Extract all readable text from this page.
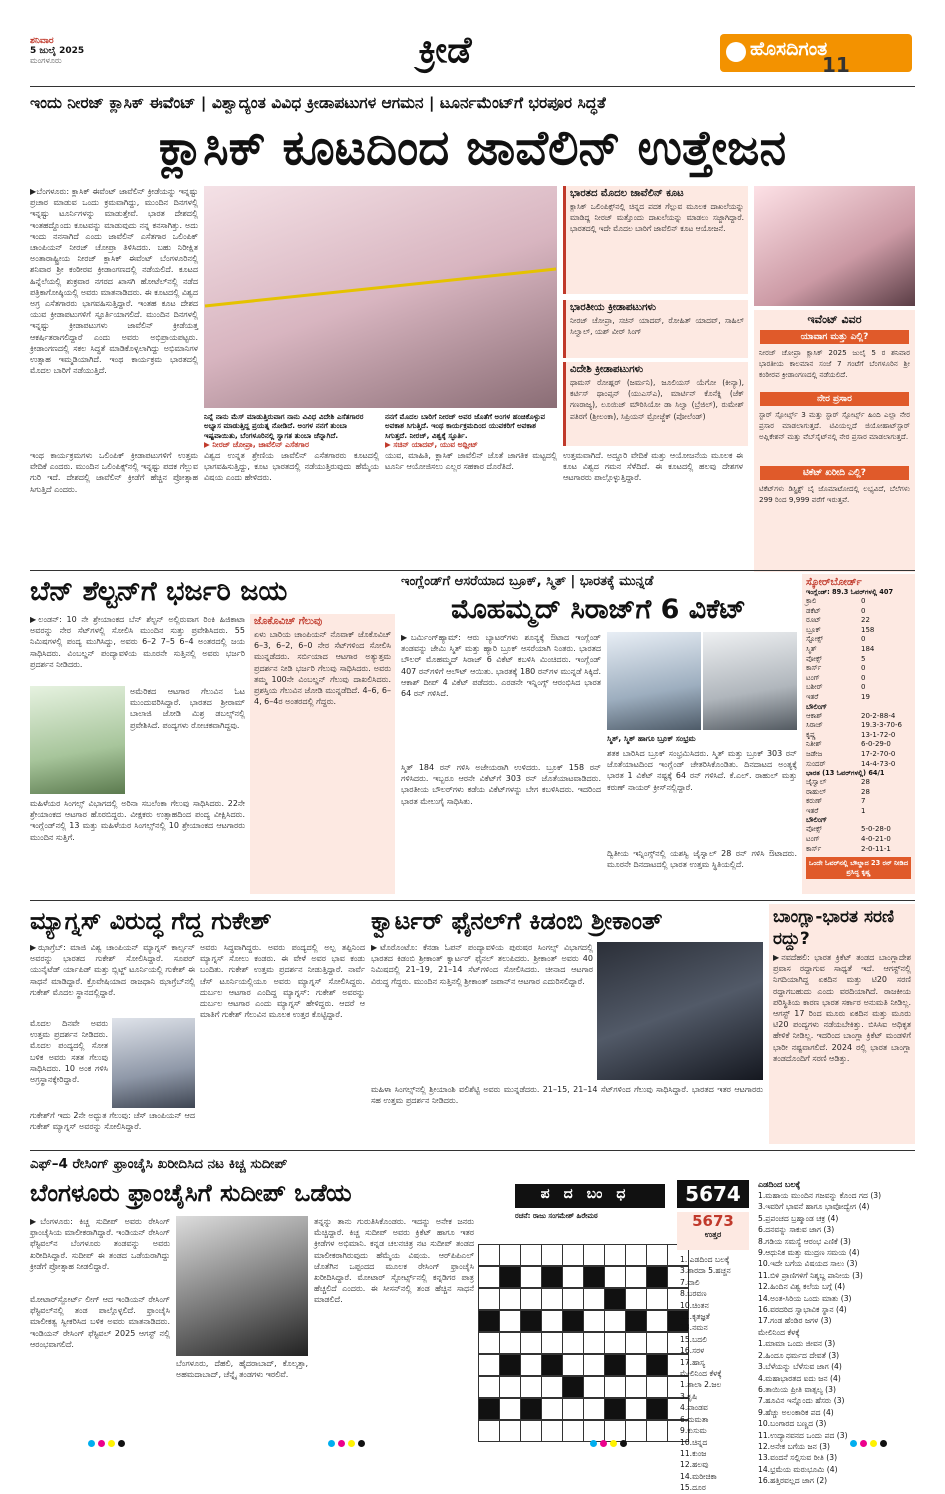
ಶನಿವಾರ
5 ಜುಲೈ 2025
ಮಂಗಳೂರು	ಕ್ರೀಡೆ	ಹೊಸದಿಗಂತ
11
ಇಂದು ನೀರಜ್ ಕ್ಲಾಸಿಕ್ ಈವೆಂಟ್ | ವಿಶ್ವಾದ್ಯಂತ ವಿವಿಧ ಕ್ರೀಡಾಪಟುಗಳ ಆಗಮನ | ಟೂರ್ನಮೆಂಟ್‌ಗೆ ಭರಪೂರ ಸಿದ್ಧತೆ
ಕ್ಲಾಸಿಕ್ ಕೂಟದಿಂದ ಜಾವೆಲಿನ್ ಉತ್ತೇಜನ
▶ಬೆಂಗಳೂರು: ಕ್ಲಾಸಿಕ್ ಈವೆಂಟ್ ಜಾವೆಲಿನ್ ಕ್ರೀಡೆಯನ್ನು ಇನ್ನಷ್ಟು ಪ್ರಚಾರ ಮಾಡುವ ಒಂದು ಕ್ರಮವಾಗಿದ್ದು, ಮುಂದಿನ ದಿನಗಳಲ್ಲಿ ಇನ್ನಷ್ಟು ಟೂರ್ನಿಗಳನ್ನು ಮಾಡುತ್ತೇವೆ. ಭಾರತ ದೇಶದಲ್ಲಿ ಇಂತಹದ್ದೊಂದು ಕೂಟವನ್ನು ಮಾಡುವುದು ನನ್ನ ಕನಸಾಗಿತ್ತು. ಅದು ಇಂದು ನನಸಾಗಿದೆ ಎಂದು ಜಾವೆಲಿನ್ ಎಸೆತಗಾರ ಒಲಿಂಪಿಕ್ ಚಾಂಪಿಯನ್ ನೀರಜ್ ಚೋಪ್ರಾ ತಿಳಿಸಿದರು. ಬಹು ನಿರೀಕ್ಷಿತ ಅಂತಾರಾಷ್ಟ್ರೀಯ ನೀರಜ್ ಕ್ಲಾಸಿಕ್ ಈವೆಂಟ್ ಬೆಂಗಳೂರಿನಲ್ಲಿ ಶನಿವಾರ ಶ್ರೀ ಕಂಠೀರವ ಕ್ರೀಡಾಂಗಣದಲ್ಲಿ ನಡೆಯಲಿದೆ. ಕೂಟದ ಹಿನ್ನೆಲೆಯಲ್ಲಿ ಶುಕ್ರವಾರ ನಗರದ ಖಾಸಗಿ ಹೋಟೆಲ್‌ನಲ್ಲಿ ನಡೆದ ಪತ್ರಿಕಾಗೋಷ್ಠಿಯಲ್ಲಿ ಅವರು ಮಾತನಾಡಿದರು. ಈ ಕೂಟದಲ್ಲಿ ವಿಶ್ವದ ಅಗ್ರ ಎಸೆತಗಾರರು ಭಾಗವಹಿಸುತ್ತಿದ್ದಾರೆ. ಇಂತಹ ಕೂಟ ದೇಶದ ಯುವ ಕ್ರೀಡಾಪಟುಗಳಿಗೆ ಸ್ಫೂರ್ತಿಯಾಗಲಿದೆ. ಮುಂದಿನ ದಿನಗಳಲ್ಲಿ ಇನ್ನಷ್ಟು ಕ್ರೀಡಾಪಟುಗಳು ಜಾವೆಲಿನ್ ಕ್ರೀಡೆಯತ್ತ ಆಕರ್ಷಿತರಾಗಲಿದ್ದಾರೆ ಎಂದು ಅವರು ಅಭಿಪ್ರಾಯಪಟ್ಟರು. ಕ್ರೀಡಾಂಗಣದಲ್ಲಿ ಸಕಲ ಸಿದ್ಧತೆ ಮಾಡಿಕೊಳ್ಳಲಾಗಿದ್ದು ಅಭಿಮಾನಿಗಳ ಉತ್ಸಾಹ ಇಮ್ಮಡಿಯಾಗಿದೆ. ಇಂಥ ಕಾರ್ಯಕ್ರಮ ಭಾರತದಲ್ಲಿ ಮೊದಲ ಬಾರಿಗೆ ನಡೆಯುತ್ತಿದೆ.
ನಿನ್ನೆ ನಾನು ಮೆಸ್ ಮಾಡುತ್ತಿರುವಾಗ ನಾನು ವಿವಿಧ ವಿದೇಶಿ ಎಸೆತಗಾರರ ಅಭ್ಯಾಸ ಮಾಡುತ್ತಿದ್ದ ಪ್ರಯತ್ನ ನೋಡಿದೆ. ಅಂಗಳ ನನಗೆ ತುಂಬಾ ಇಷ್ಟವಾಯಿತು, ಬೆಂಗಳೂರಿನಲ್ಲಿ ಸ್ವಾಗತ ತುಂಬಾ ಚೆನ್ನಾಗಿದೆ.
▶ ನೀರಜ್ ಚೋಪ್ರಾ, ಜಾವೆಲಿನ್ ಎಸೆತಗಾರ
ನನಗೆ ಮೊದಲ ಬಾರಿಗೆ ನೀರಜ್ ಅವರ ಜೊತೆಗೆ ಅಂಗಳ ಹಂಚಿಕೊಳ್ಳುವ ಅವಕಾಶ ಸಿಗುತ್ತಿದೆ. ಇಂಥ ಕಾರ್ಯಕ್ರಮದಿಂದ ಯುವಕರಿಗೆ ಅವಕಾಶ ಸಿಗುತ್ತದೆ. ನೀರಜ್, ವಿಶ್ವಕ್ಕೆ ಸ್ಫೂರ್ತಿ.
▶ ಸಚಿನ್ ಯಾದವ್, ಯುವ ಅಥ್ಲೀಟ್
ಇಂಥ ಕಾರ್ಯಕ್ರಮಗಳು ಒಲಿಂಪಿಕ್ ಕ್ರೀಡಾಪಟುಗಳಿಗೆ ಉತ್ತಮ ವೇದಿಕೆ ಎಂದರು. ಮುಂದಿನ ಒಲಿಂಪಿಕ್ಸ್‌ನಲ್ಲಿ ಇನ್ನಷ್ಟು ಪದಕ ಗೆಲ್ಲುವ ಗುರಿ ಇದೆ. ದೇಶದಲ್ಲಿ ಜಾವೆಲಿನ್ ಕ್ರೀಡೆಗೆ ಹೆಚ್ಚಿನ ಪ್ರೋತ್ಸಾಹ ಸಿಗುತ್ತಿದೆ ಎಂದರು.
ವಿಶ್ವದ ಉನ್ನತ ಶ್ರೇಣಿಯ ಜಾವೆಲಿನ್ ಎಸೆತಗಾರರು ಕೂಟದಲ್ಲಿ ಭಾಗವಹಿಸುತ್ತಿದ್ದು, ಕೂಟ ಭಾರತದಲ್ಲಿ ನಡೆಯುತ್ತಿರುವುದು ಹೆಮ್ಮೆಯ ವಿಷಯ ಎಂದು ಹೇಳಿದರು.
ಯುವ, ಮಾಹಿತಿ, ಕ್ಲಾಸಿಕ್ ಜಾವೆಲಿನ್ ಜೊತೆ ಜಾಗತಿಕ ಮಟ್ಟದಲ್ಲಿ ಟೂರ್ನಿ ಆಯೋಜಿಸಲು ಎಲ್ಲರ ಸಹಕಾರ ದೊರೆತಿದೆ.
ಉತ್ತಮವಾಗಿದೆ. ಅದ್ದೂರಿ ವೇದಿಕೆ ಮತ್ತು ಆಯೋಜನೆಯ ಮೂಲಕ ಈ ಕೂಟ ವಿಶ್ವದ ಗಮನ ಸೆಳೆದಿದೆ. ಈ ಕೂಟದಲ್ಲಿ ಹಲವು ದೇಶಗಳ ಆಟಗಾರರು ಪಾಲ್ಗೊಳ್ಳುತ್ತಿದ್ದಾರೆ.
ಭಾರತದ ಮೊದಲ ಜಾವೆಲಿನ್ ಕೂಟ
ಕ್ಲಾಸಿಕ್ ಒಲಿಂಪಿಕ್ಸ್‌ನಲ್ಲಿ ಚಿನ್ನದ ಪದಕ ಗೆಲ್ಲುವ ಮೂಲಕ ದಾಖಲೆಯನ್ನು ಮಾಡಿದ್ದ ನೀರಜ್ ಮತ್ತೊಂದು ದಾಖಲೆಯನ್ನು ಮಾಡಲು ಸಜ್ಜಾಗಿದ್ದಾರೆ. ಭಾರತದಲ್ಲಿ ಇದೇ ಮೊದಲ ಬಾರಿಗೆ ಜಾವೆಲಿನ್ ಕೂಟ ಆಯೋಜನೆ.
ಭಾರತೀಯ ಕ್ರೀಡಾಪಟುಗಳು
ನೀರಜ್ ಚೋಪ್ರಾ, ಸಚಿನ್ ಯಾದವ್, ರೋಹಿತ್ ಯಾದವ್, ಸಾಹಿಲ್ ಸಿಲ್ವಾಲ್, ಯಶ್ ವೀರ್ ಸಿಂಗ್
ವಿದೇಶಿ ಕ್ರೀಡಾಪಟುಗಳು
ಥಾಮಸ್ ರೋಹ್ಲರ್ (ಜರ್ಮನಿ), ಜೂಲಿಯಸ್ ಯೆಗೋ (ಕೀನ್ಯಾ), ಕರ್ಟಿಸ್ ಥಾಂಪ್ಸನ್ (ಯುಎಸ್‌ಎ), ಮಾರ್ಟಿನ್ ಕೊನೆಕ್ನಿ (ಜೆಕ್ ಗಣರಾಜ್ಯ), ಲೂಯಿಜ್ ಮೌರಿಸಿಯೋ ಡಾ ಸಿಲ್ವಾ (ಬ್ರೆಜಿಲ್), ರುಮೇಶ್ ಪತಿರಗೆ (ಶ್ರೀಲಂಕಾ), ಸಿಪ್ರಿಯನ್ ಮ್ರೋಜ್ಜೆಕ್ (ಪೋಲೆಂಡ್)
ಇವೆಂಟ್ ವಿವರ
ಯಾವಾಗ ಮತ್ತು ಎಲ್ಲಿ?
ನೀರಜ್ ಚೋಪ್ರಾ ಕ್ಲಾಸಿಕ್ 2025 ಜುಲೈ 5 ರ ಶನಿವಾರ ಭಾರತೀಯ ಕಾಲಮಾನ ಸಂಜೆ 7 ಗಂಟೆಗೆ ಬೆಂಗಳೂರಿನ ಶ್ರೀ ಕಂಠೀರವ ಕ್ರೀಡಾಂಗಣದಲ್ಲಿ ನಡೆಯಲಿದೆ.
ನೇರ ಪ್ರಸಾರ
ಸ್ಟಾರ್ ಸ್ಪೋರ್ಟ್ಸ್ 3 ಮತ್ತು ಸ್ಟಾರ್ ಸ್ಪೋರ್ಟ್ಸ್ ಹಿಂದಿ ಎಲ್ಲಾ ನೇರ ಪ್ರಸಾರ ಮಾಡಲಾಗುತ್ತದೆ. ಟಿವಿಯಲ್ಲದೆ ಜಿಯೋಹಾಟ್‌ಸ್ಟಾರ್ ಅಪ್ಲಿಕೇಶನ್ ಮತ್ತು ವೆಬ್‌ಸೈಟ್‌ನಲ್ಲಿ ನೇರ ಪ್ರಸಾರ ಮಾಡಲಾಗುತ್ತದೆ.
ಟಿಕೆಟ್ ಖರೀದಿ ಎಲ್ಲಿ?
ಟಿಕೆಟ್‌ಗಳು ಡಿಸ್ಟ್ರಿಕ್ಟ್ ಬೈ ಜೊಮಾಟೋದಲ್ಲಿ ಲಭ್ಯವಿದೆ, ಬೆಲೆಗಳು 299 ರಿಂದ 9,999 ವರೆಗೆ ಇರುತ್ತವೆ.
ಬೆನ್ ಶೆಲ್ಟನ್‌ಗೆ ಭರ್ಜರಿ ಜಯ
▶ಲಂಡನ್: 10 ನೇ ಶ್ರೇಯಾಂಕದ ಬೆನ್ ಶೆಲ್ಟನ್ ಅಲ್ಲಿರುವಾಗ ರಿಂಕಿ ಹಿಜಿಕಾಟಾ ಅವರನ್ನು ನೇರ ಸೆಟ್‌ಗಳಲ್ಲಿ ಸೋಲಿಸಿ ಮುಂದಿನ ಸುತ್ತು ಪ್ರವೇಶಿಸಿದರು. 55 ನಿಮಿಷಗಳಲ್ಲಿ ಪಂದ್ಯ ಮುಗಿಸಿದ್ದು, ಅವರು 6–2 7–5 6–4 ಅಂತರದಲ್ಲಿ ಜಯ ಸಾಧಿಸಿದರು. ವಿಂಬಲ್ಡನ್ ಪಂದ್ಯಾವಳಿಯ ಮೂರನೇ ಸುತ್ತಿನಲ್ಲಿ ಅವರು ಭರ್ಜರಿ ಪ್ರದರ್ಶನ ನೀಡಿದರು.
ಅಮೆರಿಕದ ಆಟಗಾರ ಗೆಲುವಿನ ಓಟ ಮುಂದುವರಿಸಿದ್ದಾರೆ. ಭಾರತದ ಶ್ರೀರಾಮ್ ಬಾಲಾಜಿ ಜೋಡಿ ಮಿಶ್ರ ಡಬಲ್ಸ್‌ನಲ್ಲಿ ಪ್ರವೇಶಿಸಿದೆ. ಪಂದ್ಯಗಳು ರೋಚಕವಾಗಿದ್ದವು.
ಮಹಿಳೆಯರ ಸಿಂಗಲ್ಸ್ ವಿಭಾಗದಲ್ಲಿ ಅರಿನಾ ಸಬಲೆಂಕಾ ಗೆಲುವು ಸಾಧಿಸಿದರು. 22ನೇ ಶ್ರೇಯಾಂಕದ ಆಟಗಾರ ಹೊರಬಿದ್ದರು. ವೀಕ್ಷಕರು ಉತ್ಸಾಹದಿಂದ ಪಂದ್ಯ ವೀಕ್ಷಿಸಿದರು. ಇಂಗ್ಲೆಂಡ್‌ನಲ್ಲಿ 13 ಮತ್ತು ಮಹಿಳೆಯರ ಸಿಂಗಲ್ಸ್‌ನಲ್ಲಿ 10 ಶ್ರೇಯಾಂಕದ ಆಟಗಾರರು ಮುಂದಿನ ಸುತ್ತಿಗೆ.
ಜೊಕೊವಿಚ್ ಗೆಲುವು
ಏಳು ಬಾರಿಯ ಚಾಂಪಿಯನ್ ನೊವಾಕ್ ಜೊಕೊವಿಚ್ 6–3, 6–2, 6–0 ನೇರ ಸೆಟ್‌ಗಳಿಂದ ಸೋಲಿಸಿ ಮುನ್ನಡೆದರು. ಸರ್ಬಿಯಾದ ಆಟಗಾರ ಅತ್ಯುತ್ತಮ ಪ್ರದರ್ಶನ ನೀಡಿ ಭರ್ಜರಿ ಗೆಲುವು ಸಾಧಿಸಿದರು. ಅವರು ತಮ್ಮ 100ನೇ ವಿಂಬಲ್ಡನ್ ಗೆಲುವು ದಾಖಲಿಸಿದರು. ಪ್ರಶಸ್ತಿಯ ಗೆಲುವಿನ ಜೋಡಿ ಮುನ್ನಡೆದಿದೆ. 4–6, 6–4, 6–4ರ ಅಂತರದಲ್ಲಿ ಗೆದ್ದರು.
ಇಂಗ್ಲೆಂಡ್‌ಗೆ ಆಸರೆಯಾದ ಬ್ರೂಕ್, ಸ್ಮಿತ್ | ಭಾರತಕ್ಕೆ ಮುನ್ನಡೆ
ಮೊಹಮ್ಮದ್ ಸಿರಾಜ್‌ಗೆ 6 ವಿಕೆಟ್
▶ಬರ್ಮಿಂಗ್‌ಹ್ಯಾಮ್: ಆರು ಬ್ಯಾಟರ್‌ಗಳು ಶೂನ್ಯಕ್ಕೆ ಔಟಾದ ಇಂಗ್ಲೆಂಡ್ ತಂಡವನ್ನು ಜೇಮಿ ಸ್ಮಿತ್ ಮತ್ತು ಹ್ಯಾರಿ ಬ್ರೂಕ್ ಆಸರೆಯಾಗಿ ನಿಂತರು. ಭಾರತದ ಬೌಲರ್ ಮೊಹಮ್ಮದ್ ಸಿರಾಜ್ 6 ವಿಕೆಟ್ ಕಬಳಿಸಿ ಮಿಂಚಿದರು. ಇಂಗ್ಲೆಂಡ್ 407 ರನ್‌ಗಳಿಗೆ ಆಲೌಟ್ ಆಯಿತು. ಭಾರತಕ್ಕೆ 180 ರನ್‌ಗಳ ಮುನ್ನಡೆ ಸಿಕ್ಕಿದೆ. ಆಕಾಶ್ ದೀಪ್ 4 ವಿಕೆಟ್ ಪಡೆದರು. ಎರಡನೇ ಇನ್ನಿಂಗ್ಸ್ ಆರಂಭಿಸಿದ ಭಾರತ 64 ರನ್ ಗಳಿಸಿದೆ.
ಸ್ಮಿತ್, ಸ್ಮಿತ್ ಹಾಗೂ ಬ್ರೂಕ್ ಸಂಭ್ರಮ
ಸ್ಮಿತ್ 184 ರನ್ ಗಳಿಸಿ ಅಜೇಯರಾಗಿ ಉಳಿದರು. ಬ್ರೂಕ್ 158 ರನ್ ಗಳಿಸಿದರು. ಇಬ್ಬರೂ ಆರನೇ ವಿಕೆಟ್‌ಗೆ 303 ರನ್ ಜೊತೆಯಾಟವಾಡಿದರು. ಭಾರತೀಯ ಬೌಲರ್‌ಗಳು ಕಡೆಯ ವಿಕೆಟ್‌ಗಳನ್ನು ಬೇಗ ಕಬಳಿಸಿದರು. ಇದರಿಂದ ಭಾರತ ಮೇಲುಗೈ ಸಾಧಿಸಿತು.
ಶತಕ ಬಾರಿಸಿದ ಬ್ರೂಕ್ ಸಂಭ್ರಮಿಸಿದರು. ಸ್ಮಿತ್ ಮತ್ತು ಬ್ರೂಕ್ 303 ರನ್ ಜೊತೆಯಾಟದಿಂದ ಇಂಗ್ಲೆಂಡ್ ಚೇತರಿಸಿಕೊಂಡಿತು. ದಿನದಾಟದ ಅಂತ್ಯಕ್ಕೆ ಭಾರತ 1 ವಿಕೆಟ್ ನಷ್ಟಕ್ಕೆ 64 ರನ್ ಗಳಿಸಿದೆ. ಕೆ.ಎಲ್. ರಾಹುಲ್ ಮತ್ತು ಕರುಣ್ ನಾಯರ್ ಕ್ರೀಸ್‌ನಲ್ಲಿದ್ದಾರೆ.
ದ್ವಿತೀಯ ಇನ್ನಿಂಗ್ಸ್‌ನಲ್ಲಿ ಯಶಸ್ವಿ ಜೈಸ್ವಾಲ್ 28 ರನ್ ಗಳಿಸಿ ಔಟಾದರು. ಮೂರನೇ ದಿನದಾಟದಲ್ಲಿ ಭಾರತ ಉತ್ತಮ ಸ್ಥಿತಿಯಲ್ಲಿದೆ.
ಸ್ಕೋರ್‌ಬೋರ್ಡ್
ಇಂಗ್ಲೆಂಡ್: 89.3 ಓವರ್‌ಗಳಲ್ಲಿ 407
ಕ್ರಾಲಿ	0
ಡಕೆಟ್	0
ರೂಟ್	22
ಬ್ರೂಕ್	158
ಸ್ಟೋಕ್ಸ್	0
ಸ್ಮಿತ್	184
ವೋಕ್ಸ್	5
ಕಾರ್ಸ್	0
ಟಂಗ್	0
ಬಶೀರ್	0
ಇತರೆ	19
ಬೌಲಿಂಗ್
ಆಕಾಶ್	20-2-88-4
ಸಿರಾಜ್	19.3-3-70-6
ಕೃಷ್ಣ	13-1-72-0
ನಿತೀಶ್	6-0-29-0
ಜಡೇಜ	17-2-70-0
ಸುಂದರ್	14-4-73-0
ಭಾರತ (13 ಓವರ್‌ಗಳಲ್ಲಿ) 64/1
ಜೈಸ್ವಾಲ್	28
ರಾಹುಲ್	28
ಕರುಣ್	7
ಇತರೆ	1
ಬೌಲಿಂಗ್
ವೋಕ್ಸ್	5-0-28-0
ಟಂಗ್	4-0-21-0
ಕಾರ್ಸ್	2-0-11-1
ಒಂದೇ ಓವರ್‌ನಲ್ಲಿ ಬೌಲ್ಡಾದ 23 ರನ್ ನೀಡಿದ ಪ್ರಸಿದ್ಧ ಕೃಷ್ಣ
ಮ್ಯಾಗ್ನಸ್ ವಿರುದ್ಧ ಗೆದ್ದ ಗುಕೇಶ್
▶ಝಾಗ್ರೆಬ್: ಮಾಜಿ ವಿಶ್ವ ಚಾಂಪಿಯನ್ ಮ್ಯಾಗ್ನಸ್ ಕಾರ್ಲ್ಸನ್ ಅವರನ್ನು ಭಾರತದ ಗುಕೇಶ್ ಸೋಲಿಸಿದ್ದಾರೆ. ಸೂಪರ್ ಯುನೈಟೆಡ್ ರ್ಯಾಪಿಡ್ ಮತ್ತು ಬ್ಲಿಟ್ಜ್ ಟೂರ್ನಿಯಲ್ಲಿ ಗುಕೇಶ್ ಈ ಸಾಧನೆ ಮಾಡಿದ್ದಾರೆ. ಕ್ರೊವೇಷಿಯಾದ ರಾಜಧಾನಿ ಝಾಗ್ರೆಬ್‌ನಲ್ಲಿ ಗುಕೇಶ್ ಮೊದಲ ಸ್ಥಾನದಲ್ಲಿದ್ದಾರೆ.
ಮೊದಲ ದಿನವೇ ಅವರು ಉತ್ತಮ ಪ್ರದರ್ಶನ ನೀಡಿದರು. ಮೊದಲ ಪಂದ್ಯದಲ್ಲಿ ಸೋತ ಬಳಿಕ ಅವರು ಸತತ ಗೆಲುವು ಸಾಧಿಸಿದರು. 10 ಅಂಕ ಗಳಿಸಿ ಅಗ್ರಸ್ಥಾನಕ್ಕೇರಿದ್ದಾರೆ.
ಗುಕೇಶ್‌ಗೆ ಇದು 2ನೇ ಅದ್ಭುತ ಗೆಲುವು: ಚೆಸ್ ಚಾಂಪಿಯನ್ ಆದ ಗುಕೇಶ್ ಮ್ಯಾಗ್ನಸ್ ಅವರನ್ನು ಸೋಲಿಸಿದ್ದಾರೆ.
ಅವರು ಸಿದ್ಧವಾಗಿದ್ದರು. ಅವರು ಪಂದ್ಯದಲ್ಲಿ ಅಲ್ಪ ತಪ್ಪಿನಿಂದ ಮ್ಯಾಗ್ನಸ್ ಸೋಲು ಕಂಡರು. ಈ ವೇಳೆ ಅವರ ಭಾವ ಕಂಡು ಬಂದಿತು. ಗುಕೇಶ್ ಉತ್ತಮ ಪ್ರದರ್ಶನ ನೀಡುತ್ತಿದ್ದಾರೆ. ನಾರ್ವೆ ಚೆಸ್ ಟೂರ್ನಿಯಲ್ಲಿಯೂ ಅವರು ಮ್ಯಾಗ್ನಸ್ ಸೋಲಿಸಿದ್ದರು. ದುರ್ಬಲ ಆಟಗಾರ ಎಂದಿದ್ದ ಮ್ಯಾಗ್ನಸ್: ಗುಕೇಶ್ ಅವರನ್ನು ದುರ್ಬಲ ಆಟಗಾರ ಎಂದು ಮ್ಯಾಗ್ನಸ್ ಹೇಳಿದ್ದರು. ಆದರೆ ಆ ಮಾತಿಗೆ ಗುಕೇಶ್ ಗೆಲುವಿನ ಮೂಲಕ ಉತ್ತರ ಕೊಟ್ಟಿದ್ದಾರೆ.
ಕ್ವಾರ್ಟರ್ ಫೈನಲ್‌ಗೆ ಕಿಡಂಬಿ ಶ್ರೀಕಾಂತ್
▶ಟೊರೊಂಟೊ: ಕೆನಡಾ ಓಪನ್ ಪಂದ್ಯಾವಳಿಯ ಪುರುಷರ ಸಿಂಗಲ್ಸ್ ವಿಭಾಗದಲ್ಲಿ ಭಾರತದ ಕಿಡಂಬಿ ಶ್ರೀಕಾಂತ್ ಕ್ವಾರ್ಟರ್ ಫೈನಲ್ ತಲುಪಿದರು. ಶ್ರೀಕಾಂತ್ ಅವರು 40 ನಿಮಿಷದಲ್ಲಿ 21–19, 21–14 ಸೆಟ್‌ಗಳಿಂದ ಸೋಲಿಸಿದರು. ಚೀನಾದ ಆಟಗಾರ ವಿರುದ್ಧ ಗೆದ್ದರು. ಮುಂದಿನ ಸುತ್ತಿನಲ್ಲಿ ಶ್ರೀಕಾಂತ್ ಜಪಾನ್‌ನ ಆಟಗಾರ ಎದುರಿಸಲಿದ್ದಾರೆ.
ಮಹಿಳಾ ಸಿಂಗಲ್ಸ್‌ನಲ್ಲಿ ಶ್ರೀಯಾಂಶಿ ವಲಿಶೆಟ್ಟಿ ಅವರು ಮುನ್ನಡೆದರು. 21–15, 21–14 ಸೆಟ್‌ಗಳಿಂದ ಗೆಲುವು ಸಾಧಿಸಿದ್ದಾರೆ. ಭಾರತದ ಇತರ ಆಟಗಾರರು ಸಹ ಉತ್ತಮ ಪ್ರದರ್ಶನ ನೀಡಿದರು.
ಬಾಂಗ್ಲಾ-ಭಾರತ ಸರಣಿ ರದ್ದು?
▶ನವದೆಹಲಿ: ಭಾರತ ಕ್ರಿಕೆಟ್ ತಂಡದ ಬಾಂಗ್ಲಾದೇಶ ಪ್ರವಾಸ ರದ್ದಾಗುವ ಸಾಧ್ಯತೆ ಇದೆ. ಆಗಸ್ಟ್‌ನಲ್ಲಿ ನಿಗದಿಯಾಗಿದ್ದ ಏಕದಿನ ಮತ್ತು ಟಿ20 ಸರಣಿ ರದ್ದಾಗಬಹುದು ಎಂದು ವರದಿಯಾಗಿದೆ. ರಾಜಕೀಯ ಪರಿಸ್ಥಿತಿಯ ಕಾರಣ ಭಾರತ ಸರ್ಕಾರ ಅನುಮತಿ ನೀಡಿಲ್ಲ. ಆಗಸ್ಟ್ 17 ರಿಂದ ಮೂರು ಏಕದಿನ ಮತ್ತು ಮೂರು ಟಿ20 ಪಂದ್ಯಗಳು ನಡೆಯಬೇಕಿತ್ತು. ಬಿಸಿಸಿಐ ಅಧಿಕೃತ ಹೇಳಿಕೆ ನೀಡಿಲ್ಲ. ಇದರಿಂದ ಬಾಂಗ್ಲಾ ಕ್ರಿಕೆಟ್ ಮಂಡಳಿಗೆ ಭಾರೀ ನಷ್ಟವಾಗಲಿದೆ. 2024 ರಲ್ಲಿ ಭಾರತ ಬಾಂಗ್ಲಾ ತಂಡದೊಂದಿಗೆ ಸರಣಿ ಆಡಿತ್ತು.
ಎಫ್–4 ರೇಸಿಂಗ್ ಫ್ರಾಂಚೈಸಿ ಖರೀದಿಸಿದ ನಟ ಕಿಚ್ಚ ಸುದೀಪ್
ಬೆಂಗಳೂರು ಫ್ರಾಂಚೈಸಿಗೆ ಸುದೀಪ್ ಒಡೆಯ
▶ಬೆಂಗಳೂರು: ಕಿಚ್ಚ ಸುದೀಪ್ ಅವರು ರೇಸಿಂಗ್ ಫ್ರಾಂಚೈಸಿಯ ಮಾಲೀಕರಾಗಿದ್ದಾರೆ. ಇಂಡಿಯನ್ ರೇಸಿಂಗ್ ಫೆಸ್ಟಿವಲ್‌ನ ಬೆಂಗಳೂರು ತಂಡವನ್ನು ಅವರು ಖರೀದಿಸಿದ್ದಾರೆ. ಸುದೀಪ್ ಈ ತಂಡದ ಒಡೆಯರಾಗಿದ್ದು ಕ್ರೀಡೆಗೆ ಪ್ರೋತ್ಸಾಹ ನೀಡಲಿದ್ದಾರೆ.
ಮೋಟಾರ್‌ಸ್ಪೋರ್ಟ್ ಲೀಗ್ ಆದ ಇಂಡಿಯನ್ ರೇಸಿಂಗ್ ಫೆಸ್ಟಿವಲ್‌ನಲ್ಲಿ ತಂಡ ಪಾಲ್ಗೊಳ್ಳಲಿದೆ. ಫ್ರಾಂಚೈಸಿ ಮಾಲೀಕತ್ವ ಸ್ವೀಕರಿಸಿದ ಬಳಿಕ ಅವರು ಮಾತನಾಡಿದರು. ಇಂಡಿಯನ್ ರೇಸಿಂಗ್ ಫೆಸ್ಟಿವಲ್ 2025 ಆಗಸ್ಟ್ ನಲ್ಲಿ ಆರಂಭವಾಗಲಿದೆ.
ಬೆಂಗಳೂರು, ದೆಹಲಿ, ಹೈದರಾಬಾದ್, ಕೊಲ್ಕತ್ತಾ, ಅಹಮದಾಬಾದ್, ಚೆನ್ನೈ ತಂಡಗಳು ಇರಲಿವೆ.
ತನ್ನನ್ನು ತಾನು ಗುರುತಿಸಿಕೊಂಡರು. ಇದನ್ನು ಅನೇಕ ಜನರು ಮೆಚ್ಚಿದ್ದಾರೆ. ಕಿಚ್ಚ ಸುದೀಪ್ ಅವರು ಕ್ರಿಕೆಟ್ ಹಾಗೂ ಇತರ ಕ್ರೀಡೆಗಳ ಅಭಿಮಾನಿ. ಕನ್ನಡ ಚಲನಚಿತ್ರ ನಟ ಸುದೀಪ್ ತಂಡದ ಮಾಲೀಕರಾಗಿರುವುದು ಹೆಮ್ಮೆಯ ವಿಷಯ. ಆರ್‌ಪಿಪಿಎಲ್ ಜೊತೆಗಿನ ಒಪ್ಪಂದದ ಮೂಲಕ ರೇಸಿಂಗ್ ಫ್ರಾಂಚೈಸಿ ಖರೀದಿಸಿದ್ದಾರೆ. ಮೋಟಾರ್ ಸ್ಪೋರ್ಟ್ಸ್‌ನಲ್ಲಿ ಕನ್ನಡಿಗರ ಪಾತ್ರ ಹೆಚ್ಚಲಿದೆ ಎಂದರು. ಈ ಸೀಸನ್‌ನಲ್ಲಿ ತಂಡ ಹೆಚ್ಚಿನ ಸಾಧನೆ ಮಾಡಲಿದೆ.
ಪದಬಂಧ	5674
ರಚನೆ: ರಾಜು ಸಂಗಮೇಶ್ ಹಿರೇಮಠ	5673
ಉತ್ತರ
1. ಎಡದಿಂದ ಬಲಕ್ಕೆ
3.ಶಾರದಾ 5.ಹಚ್ಚನ
7.ವಾಲಿ
8.ಬರವಣ
10.ಚಿಂತನ
11.ಕೃತಜ್ಞತೆ
13.ನಮನ
15.ಬದಲಿ
16.ಸರಳ
17.ಹಾಸ್ಯ
ಮೇಲಿನಿಂದ ಕೆಳಕ್ಕೆ
1.ಶಾಲಾ 2.ಜಲ
3.ಕೃಷಿ
4.ಪಾಂಡವ
6.ಮಮತಾ
9.ಕುಸುಮ
10.ಚಿನ್ನದ
11.ಕುಂಜ
12.ಹಲವು
14.ಮರೀಚಿಕಾ
15.ದೂರ
ಎಡದಿಂದ ಬಲಕ್ಕೆ
1.ಮಹಾಯ ಮುಂದಿನ ಗಜವನ್ನು ಕೊಂದ ಗದ (3)
3.ಇವರಿಗೆ ಭಾವನೆ ಹಾಗೂ ಭಾವೋದ್ವೇಗ (4)
5.ಪ್ರಪಂಚದ ಬ್ರಹ್ಮಾಂಡ ಚಕ್ರ (4)
6.ದನವನ್ನು ಸಾಕುವ ಜಾಗ (3)
8.ಗಡಿಯ ಸಮಸ್ಯೆ ಆರಂಭ ಎಣಿಕೆ (3)
9.ಆಧುನಿಕ ಮತ್ತು ಮುದ್ರಣ ಸಮಯ (4)
10.ಇದೇ ಬಗೆಯ ವಿಷಯದ ಸಾಲು (3)
11.ಬಿಳಿ ಪ್ರಾಣಿಗಳಿಗೆ ನಿಶ್ಶಬ್ದ ಪಾನೀಯ (3)
12.ಹಿಂದಿನ ವಿಶ್ವ ಕಲೆಯ ಬಗ್ಗೆ (4)
14.ಅಂತ-ಸಿರಿಯ ಒಂದು ಮಾತು (3)
16.ವರದರಿದ ಸ್ವಾಭಾವಿಕ ಸ್ಥಾನ (4)
17.ಗಂಡ ಹೆಂಡಿರ ಜಗಳ (3)
ಮೇಲಿನಿಂದ ಕೆಳಕ್ಕೆ
1.ಮಾಮಾ ಒಂದು ಜೀವನ (3)
2.ಹಿಂದೂ ಧರ್ಮದ ದೇವತೆ (3)
3.ಬೆಳೆಯನ್ನು ಬೆಳೆಸುವ ಜಾಗ (4)
4.ಮಹಾಭಾರತದ ಐದು ಜನ (4)
6.ತಾಯಿಯ ಪ್ರೀತಿ ವಾತ್ಸಲ್ಯ (3)
7.ಹೂವಿನ ಇನ್ನೊಂದು ಹೆಸರು (3)
9.ಹೆಚ್ಚು ಅಲಂಕಾರಿಕ ಪದ (4)
10.ಬಂಗಾರದ ಬಣ್ಣದ (3)
11.ಉದ್ಯಾನವನದ ಒಂದು ಪದ (3)
12.ಅನೇಕ ಬಗೆಯ ಜನ (3)
13.ವಂದನೆ ಸಲ್ಲಿಸುವ ರೀತಿ (3)
14.ಭ್ರಮೆಯ ಮರುಭೂಮಿ (4)
16.ಹತ್ತಿರವಲ್ಲದ ಜಾಗ (2)
